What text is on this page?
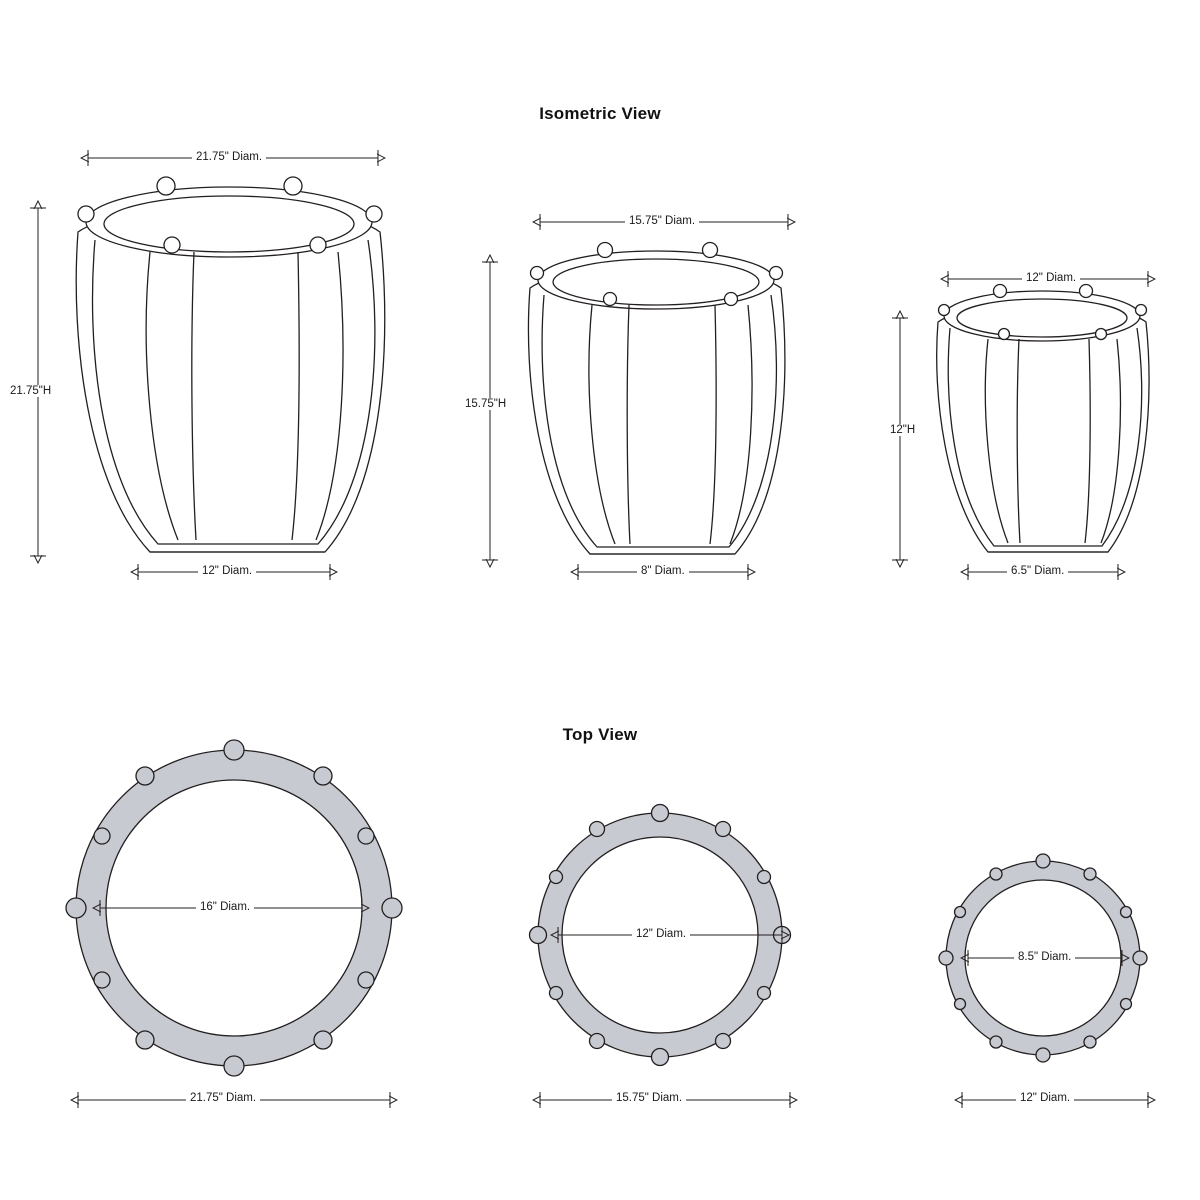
Isometric View
Top View
21.75" Diam.
21.75"H
12" Diam.
15.75" Diam.
15.75"H
8" Diam.
12" Diam.
12"H
6.5" Diam.
16" Diam.
21.75" Diam.
12" Diam.
15.75" Diam.
8.5" Diam.
12" Diam.
